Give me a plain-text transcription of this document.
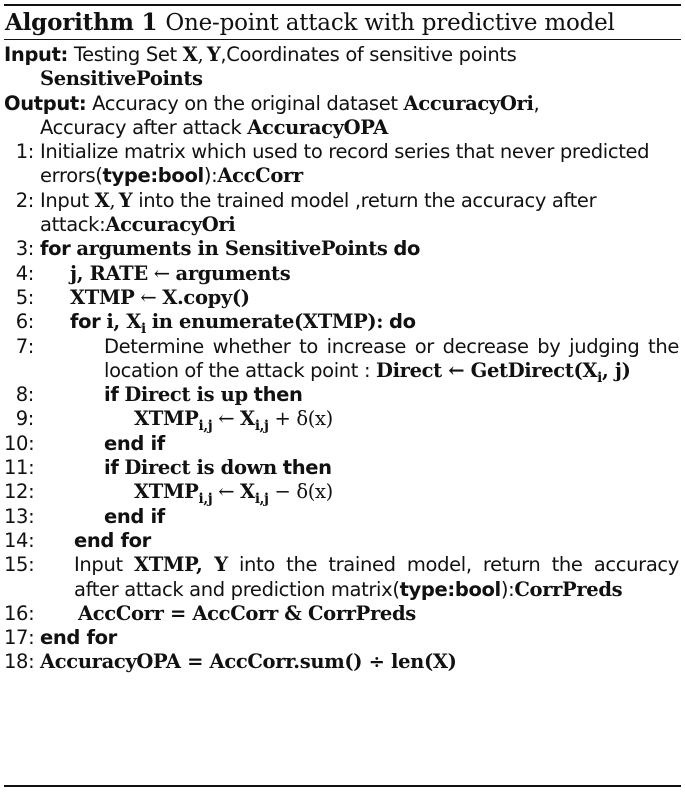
Algorithm 1 One-point attack with predictive model
Input: Testing Set X, Y,Coordinates of sensitive points
SensitivePoints
Output: Accuracy on the original dataset AccuracyOri,
Accuracy after attack AccuracyOPA
1: Initialize matrix which used to record series that never predicted errors(type:bool):AccCorr
2: Input X, Y into the trained model ,return the accuracy after attack:AccuracyOri
3: for arguments in SensitivePoints do
4: j, RATE ← arguments
5: XTMP ← X.copy()
6: for i, $X_i$ in enumerate(XTMP): do
7:	Determine whether to increase or decrease by judging the location of the attack point : Direct ← $GetDirect(X_i$, j)
8:	if Direct is up then
9:	$XTMP_{i,j}$ ← $X_{i,j} + \delta(x)$
10:	end if
11:	if Direct is down then
12:	$XTMP_{i,j}$ ← $X_{i,j} - \delta(x)$
13:	end if
14: end for
15: Input XTMP, Y into the trained model, return the accuracy after attack and prediction matrix(type:bool):CorrPreds
16: AccCorr = AccCorr & CorrPreds
17: end for
18: AccuracyOPA = AccCorr.sum() ÷ len(X)
